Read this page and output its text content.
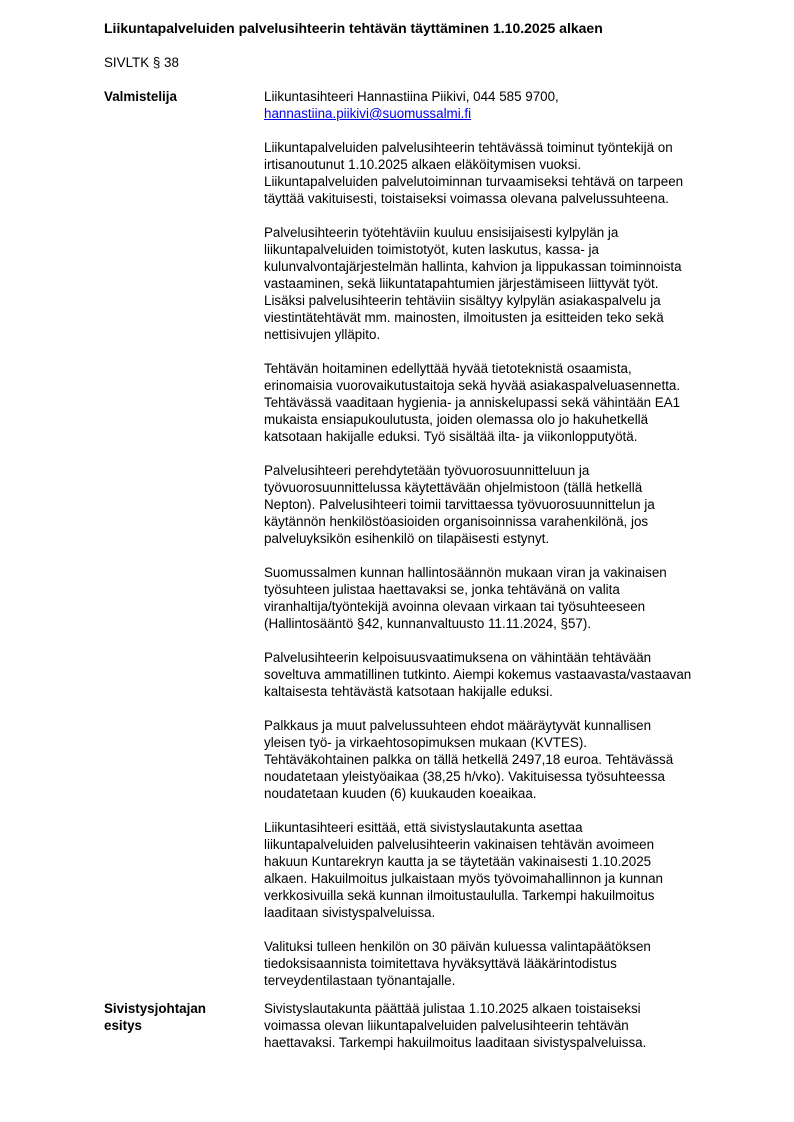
Liikuntapalveluiden palvelusihteerin tehtävän täyttäminen 1.10.2025 alkaen
SIVLTK § 38
Valmistelija	Liikuntasihteeri Hannastiina Piikivi, 044 585 9700,
hannastiina.piikivi@suomussalmi.fi
Liikuntapalveluiden palvelusihteerin tehtävässä toiminut työntekijä on
irtisanoutunut 1.10.2025 alkaen eläköitymisen vuoksi.
Liikuntapalveluiden palvelutoiminnan turvaamiseksi tehtävä on tarpeen
täyttää vakituisesti, toistaiseksi voimassa olevana palvelussuhteena.
Palvelusihteerin työtehtäviin kuuluu ensisijaisesti kylpylän ja
liikuntapalveluiden toimistotyöt, kuten laskutus, kassa- ja
kulunvalvontajärjestelmän hallinta, kahvion ja lippukassan toiminnoista
vastaaminen, sekä liikuntatapahtumien järjestämiseen liittyvät työt.
Lisäksi palvelusihteerin tehtäviin sisältyy kylpylän asiakaspalvelu ja
viestintätehtävät mm. mainosten, ilmoitusten ja esitteiden teko sekä
nettisivujen ylläpito.
Tehtävän hoitaminen edellyttää hyvää tietoteknistä osaamista,
erinomaisia vuorovaikutustaitoja sekä hyvää asiakaspalveluasennetta.
Tehtävässä vaaditaan hygienia- ja anniskelupassi sekä vähintään EA1
mukaista ensiapukoulutusta, joiden olemassa olo jo hakuhetkellä
katsotaan hakijalle eduksi. Työ sisältää ilta- ja viikonlopputyötä.
Palvelusihteeri perehdytetään työvuorosuunnitteluun ja
työvuorosuunnittelussa käytettävään ohjelmistoon (tällä hetkellä
Nepton). Palvelusihteeri toimii tarvittaessa työvuorosuunnittelun ja
käytännön henkilöstöasioiden organisoinnissa varahenkilönä, jos
palveluyksikön esihenkilö on tilapäisesti estynyt.
Suomussalmen kunnan hallintosäännön mukaan viran ja vakinaisen
työsuhteen julistaa haettavaksi se, jonka tehtävänä on valita
viranhaltija/työntekijä avoinna olevaan virkaan tai työsuhteeseen
(Hallintosääntö §42, kunnanvaltuusto 11.11.2024, §57).
Palvelusihteerin kelpoisuusvaatimuksena on vähintään tehtävään
soveltuva ammatillinen tutkinto. Aiempi kokemus vastaavasta/vastaavan
kaltaisesta tehtävästä katsotaan hakijalle eduksi.
Palkkaus ja muut palvelussuhteen ehdot määräytyvät kunnallisen
yleisen työ- ja virkaehtosopimuksen mukaan (KVTES).
Tehtäväkohtainen palkka on tällä hetkellä 2497,18 euroa. Tehtävässä
noudatetaan yleistyöaikaa (38,25 h/vko). Vakituisessa työsuhteessa
noudatetaan kuuden (6) kuukauden koeaikaa.
Liikuntasihteeri esittää, että sivistyslautakunta asettaa
liikuntapalveluiden palvelusihteerin vakinaisen tehtävän avoimeen
hakuun Kuntarekryn kautta ja se täytetään vakinaisesti 1.10.2025
alkaen. Hakuilmoitus julkaistaan myös työvoimahallinnon ja kunnan
verkkosivuilla sekä kunnan ilmoitustaululla. Tarkempi hakuilmoitus
laaditaan sivistyspalveluissa.
Valituksi tulleen henkilön on 30 päivän kuluessa valintapäätöksen
tiedoksisaannista toimitettava hyväksyttävä lääkärintodistus
terveydentilastaan työnantajalle.
Sivistysjohtajan
esitys
Sivistyslautakunta päättää julistaa 1.10.2025 alkaen toistaiseksi
voimassa olevan liikuntapalveluiden palvelusihteerin tehtävän
haettavaksi. Tarkempi hakuilmoitus laaditaan sivistyspalveluissa.
